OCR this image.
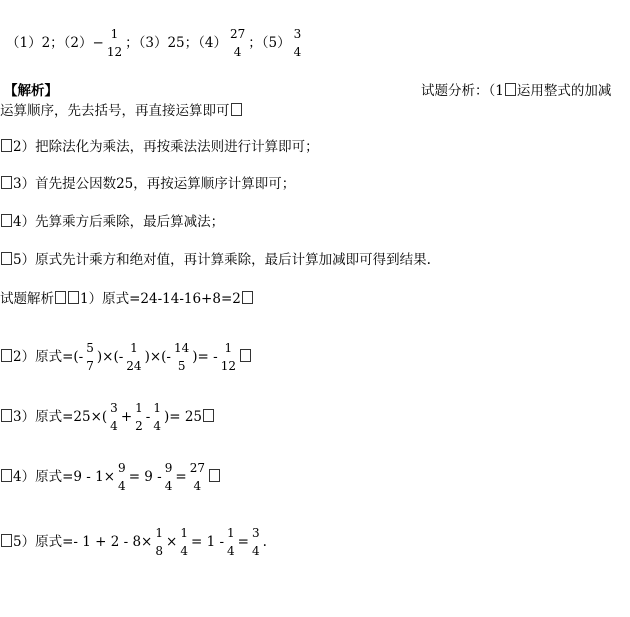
（1）2；（2）−
1
12
；（3）25；（4）
27
4
；（5）
3
4
【解析】	试题分析：（1 运用整式的加减
运算顺序，先去括号，再直接运算即可
2）把除法化为乘法，再按乘法法则进行计算即可；
3）首先提公因数25，再按运算顺序计算即可；
4）先算乘方后乘除，最后算减法；
5）原式先计乘方和绝对值，再计算乘除，最后计算加减即可得到结果.
试题解析 1）原式=24-14-16+8=2
2）原式=(-
5
7
)×(-
1
24
)×(-
14
5
)= -
1
12
3）原式=25×(
3
4
+
1
2
-
1
4
)= 25
4）原式=9 - 1×
9
4
= 9 -
9
4
=
27
4
5）原式=- 1 + 2 - 8×
1
8
×
1
4
= 1 -
1
4
=
3
4
.
